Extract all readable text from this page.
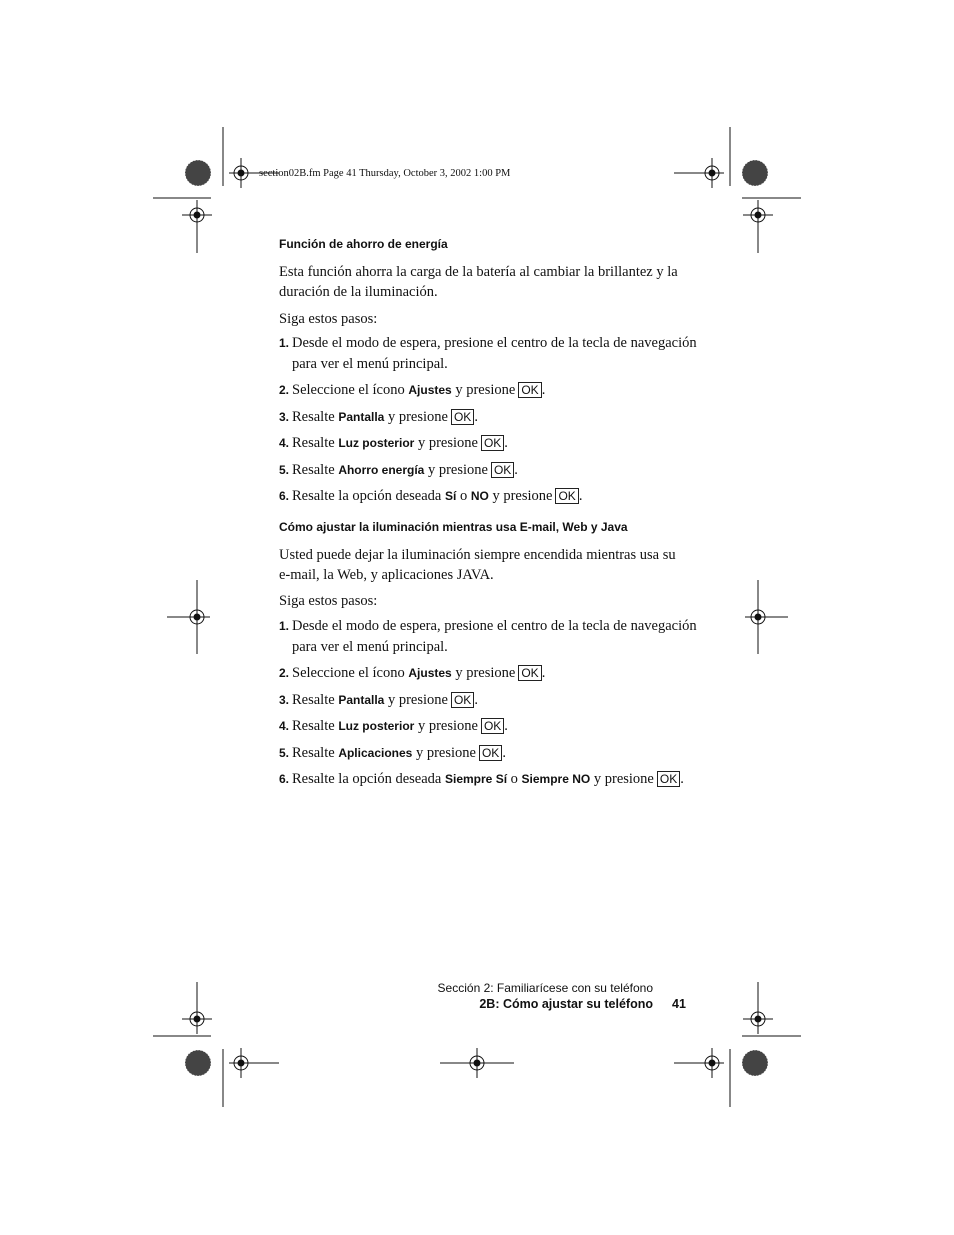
section02B.fm Page 41 Thursday, October 3, 2002 1:00 PM
Función de ahorro de energía
Esta función ahorra la carga de la batería al cambiar la brillantez y la
duración de la iluminación.
Siga estos pasos:
1. Desde el modo de espera, presione el centro de la tecla de navegación
para ver el menú principal.
2. Seleccione el ícono Ajustes y presione OK .
3. Resalte Pantalla y presione OK .
4. Resalte Luz posterior y presione OK .
5. Resalte Ahorro energía y presione OK .
6. Resalte la opción deseada Sí o NO y presione OK .
Cómo ajustar la iluminación mientras usa E-mail, Web y Java
Usted puede dejar la iluminación siempre encendida mientras usa su
e-mail, la Web, y aplicaciones JAVA.
Siga estos pasos:
1. Desde el modo de espera, presione el centro de la tecla de navegación
para ver el menú principal.
2. Seleccione el ícono Ajustes y presione OK .
3. Resalte Pantalla y presione OK .
4. Resalte Luz posterior y presione OK .
5. Resalte Aplicaciones y presione OK .
6. Resalte la opción deseada Siempre Sí o Siempre NO y presione OK .
Sección 2: Familiarícese con su teléfono
2B: Cómo ajustar su teléfono 41
